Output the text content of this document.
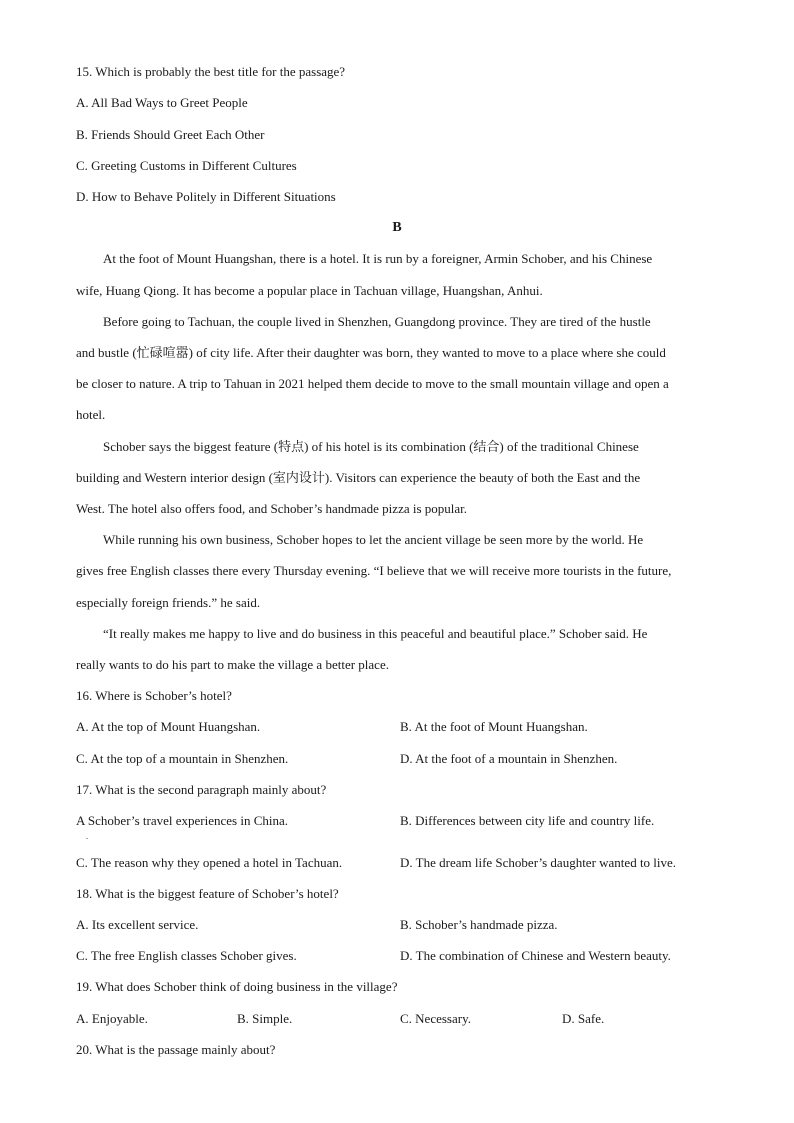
15. Which is probably the best title for the passage?
A. All Bad Ways to Greet People
B. Friends Should Greet Each Other
C. Greeting Customs in Different Cultures
D. How to Behave Politely in Different Situations
B
At the foot of Mount Huangshan, there is a hotel. It is run by a foreigner, Armin Schober, and his Chinese
wife, Huang Qiong. It has become a popular place in Tachuan village, Huangshan, Anhui.
Before going to Tachuan, the couple lived in Shenzhen, Guangdong province. They are tired of the hustle
and bustle (忙碌喧嚣) of city life. After their daughter was born, they wanted to move to a place where she could
be closer to nature. A trip to Tahuan in 2021 helped them decide to move to the small mountain village and open a
hotel.
Schober says the biggest feature (特点) of his hotel is its combination (结合) of the traditional Chinese
building and Western interior design (室内设计). Visitors can experience the beauty of both the East and the
West. The hotel also offers food, and Schober’s handmade pizza is popular.
While running his own business, Schober hopes to let the ancient village be seen more by the world. He
gives free English classes there every Thursday evening. “I believe that we will receive more tourists in the future,
especially foreign friends.” he said.
“It really makes me happy to live and do business in this peaceful and beautiful place.” Schober said. He
really wants to do his part to make the village a better place.
16. Where is Schober’s hotel?
A. At the top of Mount Huangshan.	B. At the foot of Mount Huangshan.
C. At the top of a mountain in Shenzhen.	D. At the foot of a mountain in Shenzhen.
17. What is the second paragraph mainly about?
A Schober’s travel experiences in China.
.
B. Differences between city life and country life.
C. The reason why they opened a hotel in Tachuan.	D. The dream life Schober’s daughter wanted to live.
18. What is the biggest feature of Schober’s hotel?
A. Its excellent service.	B. Schober’s handmade pizza.
C. The free English classes Schober gives.	D. The combination of Chinese and Western beauty.
19. What does Schober think of doing business in the village?
A. Enjoyable.	B. Simple.	C. Necessary.	D. Safe.
20. What is the passage mainly about?
